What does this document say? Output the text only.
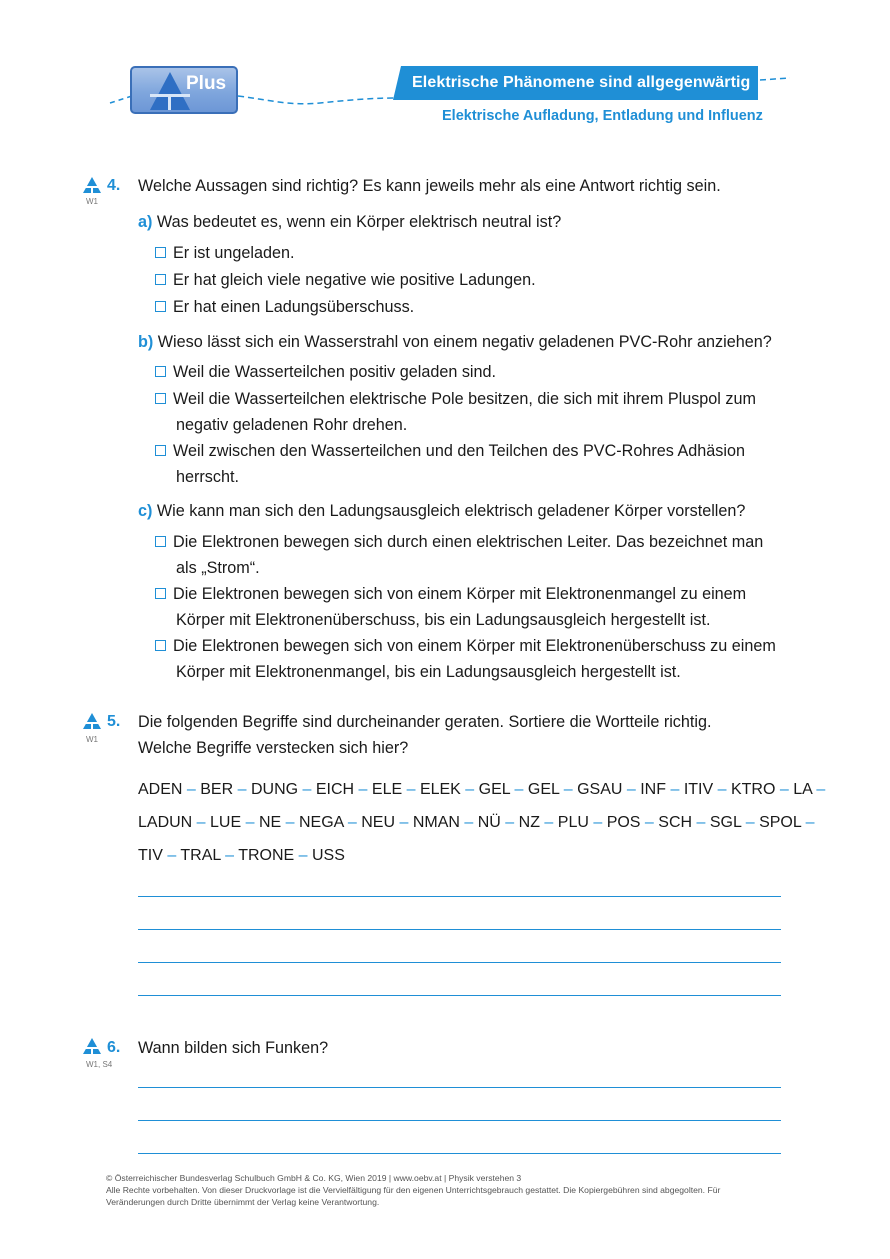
Plus	Elektrische Phänomene sind allgegenwärtig
Elektrische Aufladung, Entladung und Influenz
4.
W1
Welche Aussagen sind richtig? Es kann jeweils mehr als eine Antwort richtig sein.
a) Was bedeutet es, wenn ein Körper elektrisch neutral ist?
Er ist ungeladen.
Er hat gleich viele negative wie positive Ladungen.
Er hat einen Ladungsüberschuss.
b) Wieso lässt sich ein Wasserstrahl von einem negativ geladenen PVC-Rohr anziehen?
Weil die Wasserteilchen positiv geladen sind.
Weil die Wasserteilchen elektrische Pole besitzen, die sich mit ihrem Pluspol zum
negativ geladenen Rohr drehen.
Weil zwischen den Wasserteilchen und den Teilchen des PVC-Rohres Adhäsion
herrscht.
c) Wie kann man sich den Ladungsausgleich elektrisch geladener Körper vorstellen?
Die Elektronen bewegen sich durch einen elektrischen Leiter. Das bezeichnet man
als „Strom“.
Die Elektronen bewegen sich von einem Körper mit Elektronenmangel zu einem
Körper mit Elektronenüberschuss, bis ein Ladungsausgleich hergestellt ist.
Die Elektronen bewegen sich von einem Körper mit Elektronenüberschuss zu einem
Körper mit Elektronenmangel, bis ein Ladungsausgleich hergestellt ist.
5.
W1
Die folgenden Begriffe sind durcheinander geraten. Sortiere die Wortteile richtig.
Welche Begriffe verstecken sich hier?
ADEN – BER – DUNG – EICH – ELE – ELEK – GEL – GEL – GSAU – INF – ITIV – KTRO – LA –
LADUN – LUE – NE – NEGA – NEU – NMAN – NÜ – NZ – PLU – POS – SCH – SGL – SPOL –
TIV – TRAL – TRONE – USS
6.
W1, S4
Wann bilden sich Funken?
© Österreichischer Bundesverlag Schulbuch GmbH & Co. KG, Wien 2019 | www.oebv.at | Physik verstehen 3
Alle Rechte vorbehalten. Von dieser Druckvorlage ist die Vervielfältigung für den eigenen Unterrichtsgebrauch gestattet. Die Kopiergebühren sind abgegolten. Für
Veränderungen durch Dritte übernimmt der Verlag keine Verantwortung.
